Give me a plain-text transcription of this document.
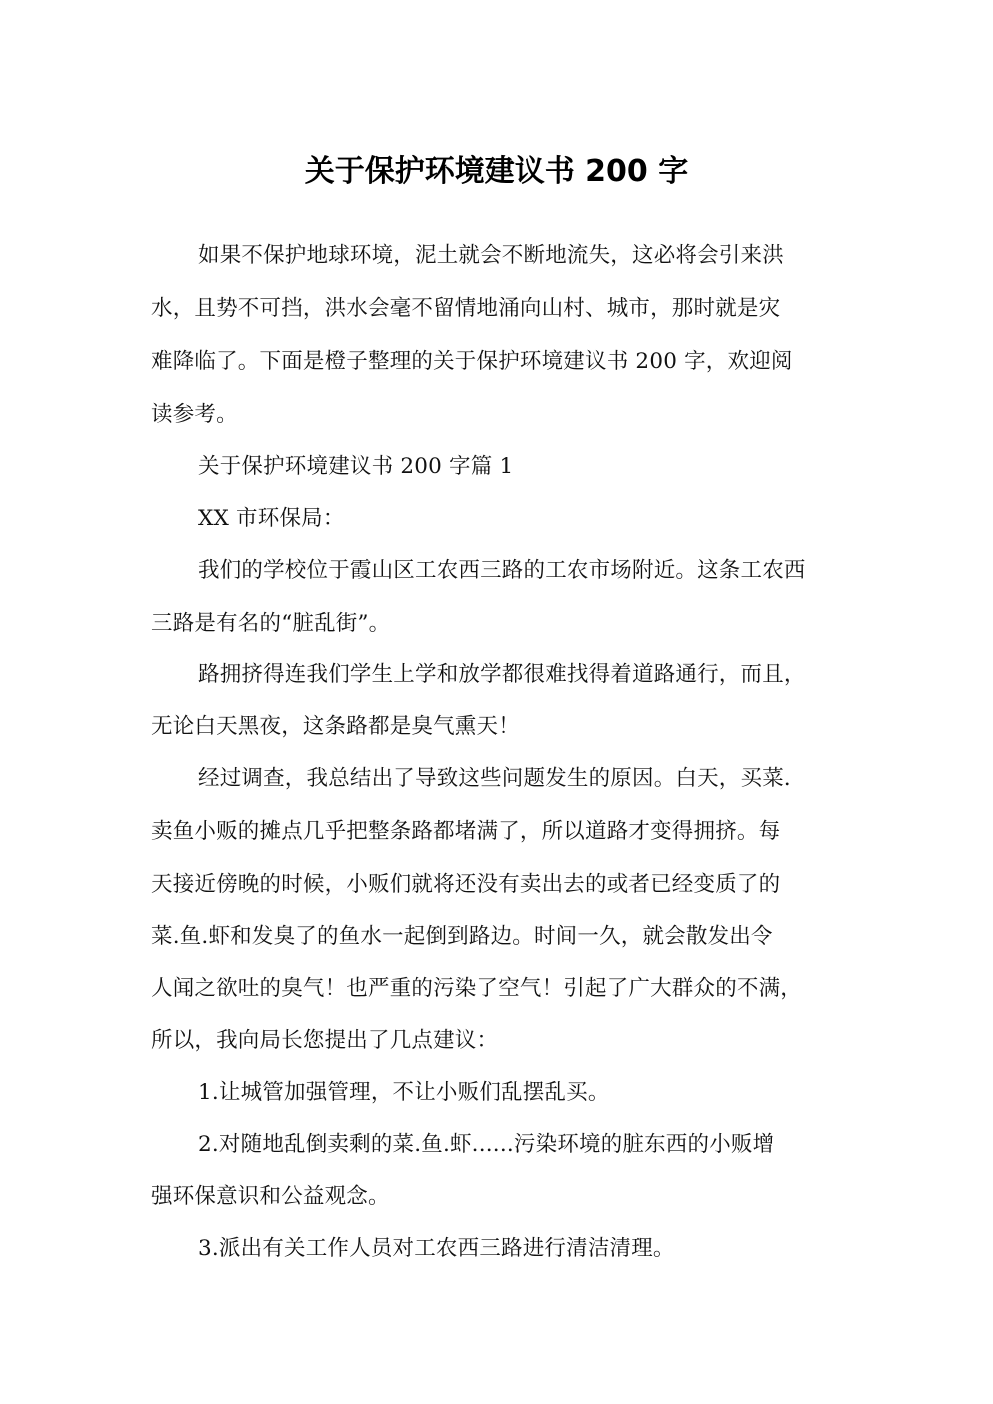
关于保护环境建议书 200 字

如果不保护地球环境，泥土就会不断地流失，这必将会引来洪

水，且势不可挡，洪水会毫不留情地涌向山村、城市，那时就是灾

难降临了。下面是橙子整理的关于保护环境建议书 200 字，欢迎阅

读参考。

关于保护环境建议书 200 字篇 1

XX 市环保局：

我们的学校位于霞山区工农西三路的工农市场附近。这条工农西

三路是有名的“脏乱街”。

路拥挤得连我们学生上学和放学都很难找得着道路通行，而且，

无论白天黑夜，这条路都是臭气熏天！

经过调查，我总结出了导致这些问题发生的原因。白天，买菜．

卖鱼小贩的摊点几乎把整条路都堵满了，所以道路才变得拥挤。每

天接近傍晚的时候，小贩们就将还没有卖出去的或者已经变质了的

菜.鱼.虾和发臭了的鱼水一起倒到路边。时间一久，就会散发出令

人闻之欲吐的臭气！也严重的污染了空气！引起了广大群众的不满，

所以，我向局长您提出了几点建议：

1.让城管加强管理，不让小贩们乱摆乱买。

2.对随地乱倒卖剩的菜.鱼.虾......污染环境的脏东西的小贩增

强环保意识和公益观念。

3.派出有关工作人员对工农西三路进行清洁清理。
